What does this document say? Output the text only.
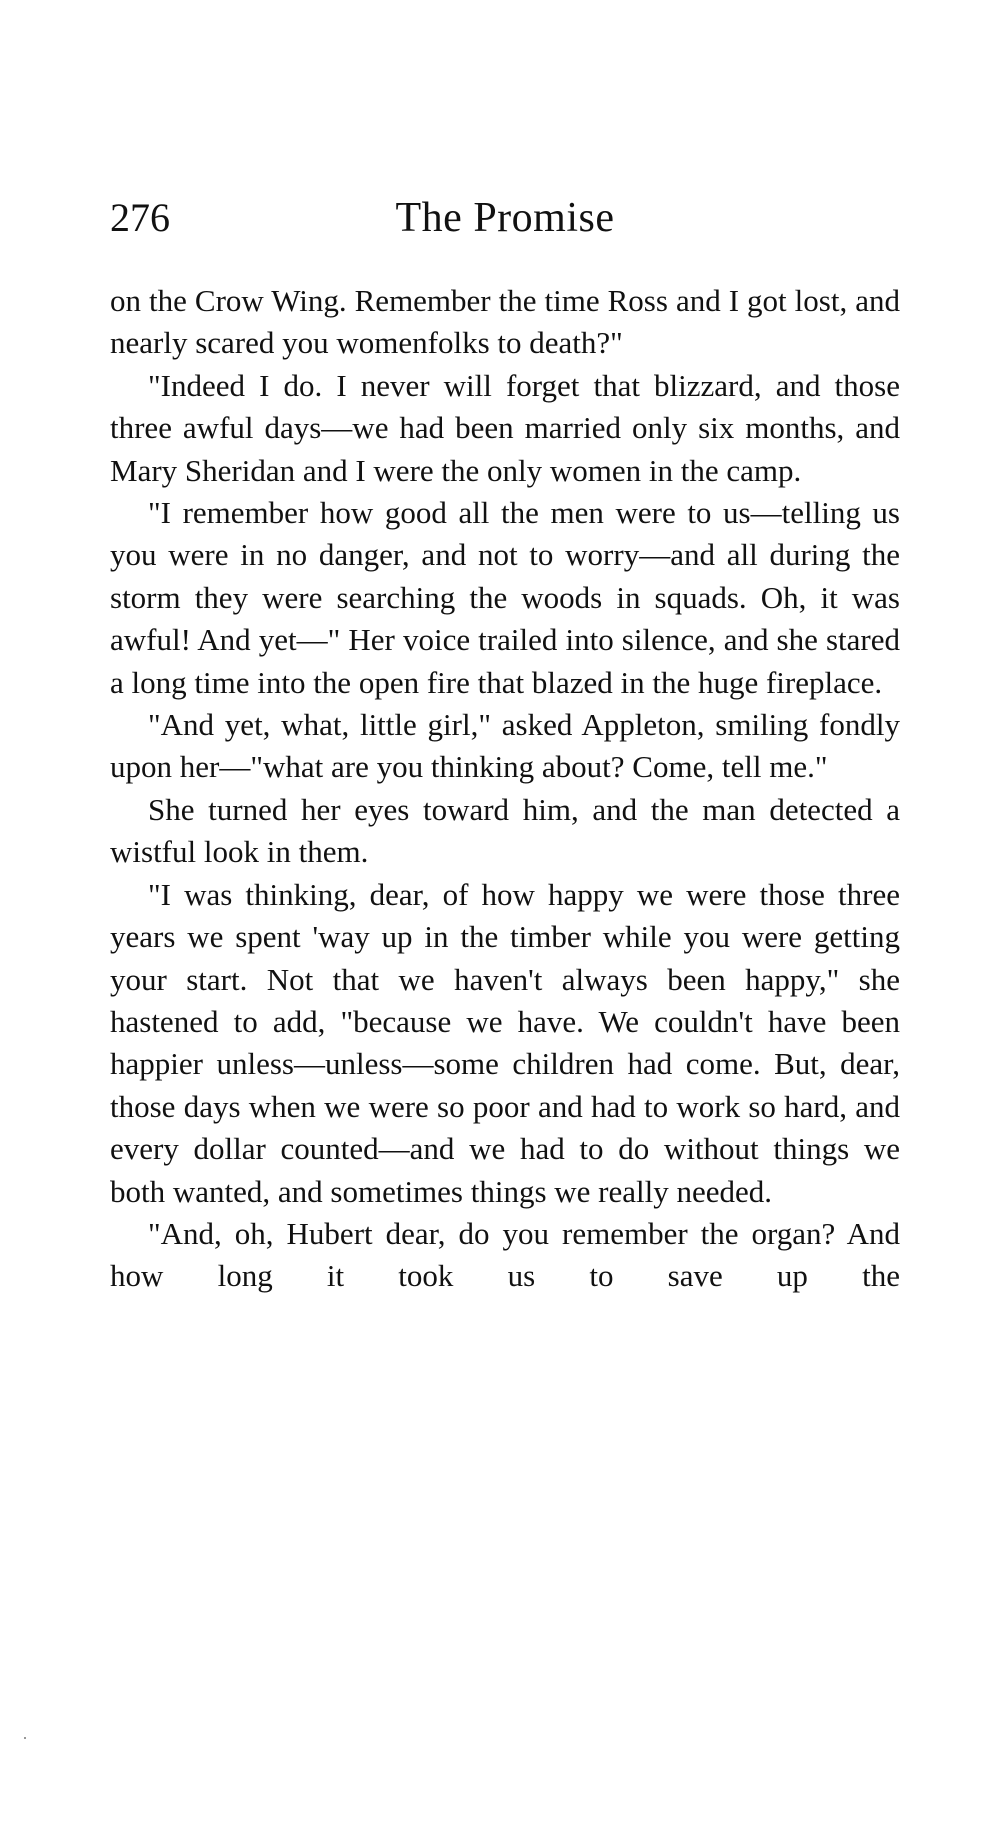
276	The Promise

on the Crow Wing. Remember the time Ross and I got lost, and nearly scared you womenfolks to death?"

"Indeed I do. I never will forget that blizzard, and those three awful days—we had been married only six months, and Mary Sheridan and I were the only women in the camp.

"I remember how good all the men were to us—telling us you were in no danger, and not to worry—and all during the storm they were searching the woods in squads. Oh, it was awful! And yet—" Her voice trailed into silence, and she stared a long time into the open fire that blazed in the huge fireplace.

"And yet, what, little girl," asked Appleton, smiling fondly upon her—"what are you thinking about? Come, tell me."

She turned her eyes toward him, and the man detected a wistful look in them.

"I was thinking, dear, of how happy we were those three years we spent 'way up in the timber while you were getting your start. Not that we haven't always been happy," she hastened to add, "because we have. We couldn't have been happier unless—unless—some children had come. But, dear, those days when we were so poor and had to work so hard, and every dollar counted—and we had to do without things we both wanted, and sometimes things we really needed.

"And, oh, Hubert dear, do you remember the organ? And how long it took us to save up the
